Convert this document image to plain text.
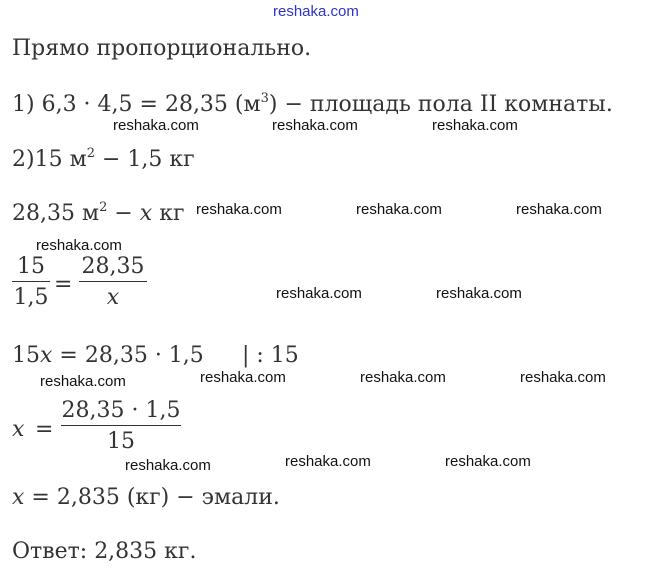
reshaka.com
Прямо пропорционально.
1) 6,3 · 4,5 = 28,35 $(м^3)$ − площадь пола II комнаты.
reshaka.com	reshaka.com	reshaka.com
2)15 $м^2 - 1,5$ кг
28,35 $м^2 - x$ кг reshaka.com	reshaka.com	reshaka.com
reshaka.com
15
1,5
=
28,35
x	reshaka.com	reshaka.com
15x = 28,35 · 1,5 | : 15
reshaka.com	reshaka.com	reshaka.com	reshaka.com
x =
28,35 · 1,5
15
reshaka.com	reshaka.com	reshaka.com
x = 2,835 (кг) − эмали.
Ответ: 2,835 кг.
